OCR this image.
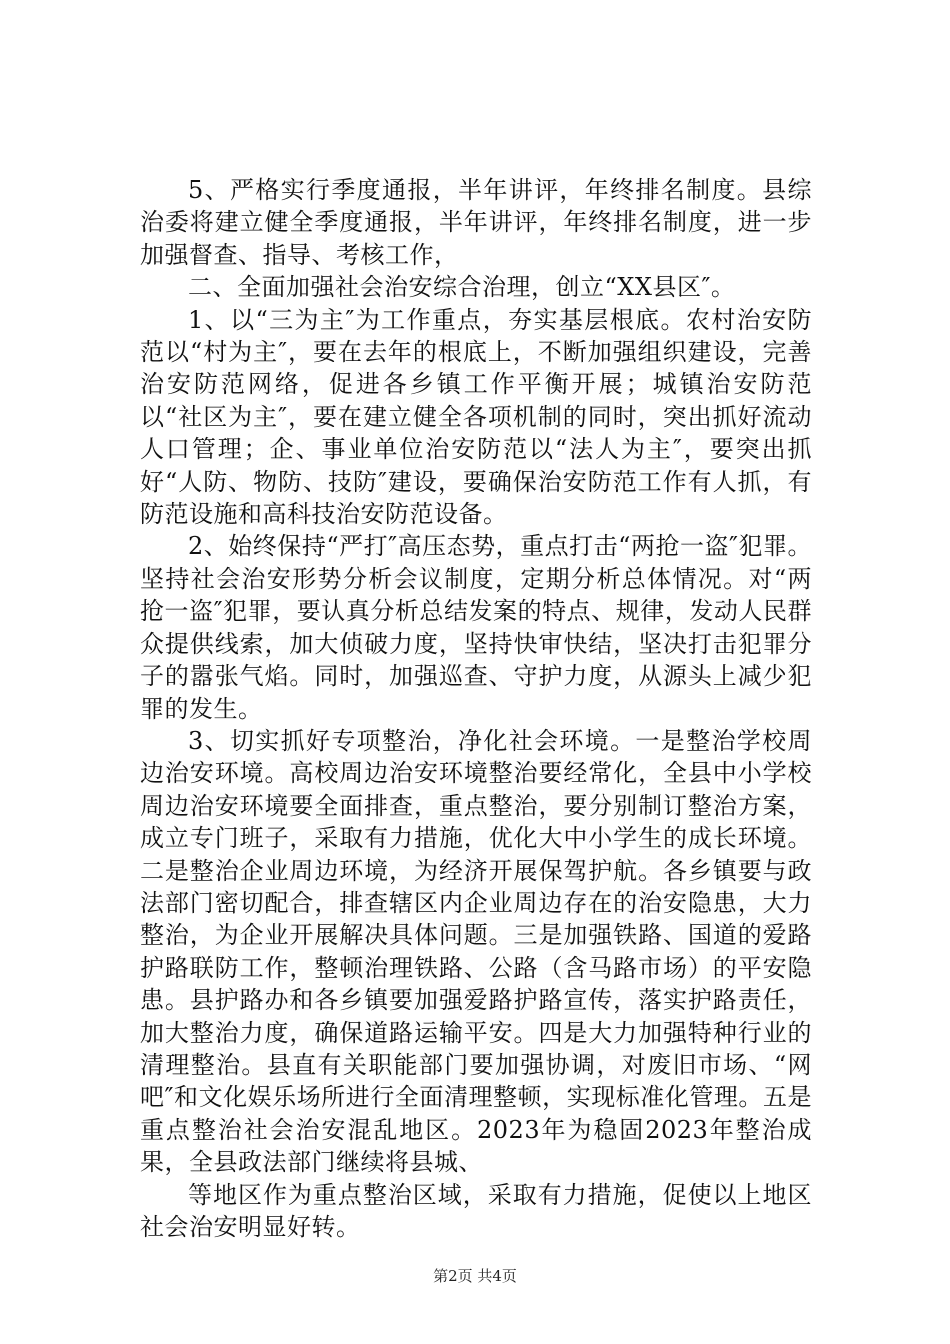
5、严格实行季度通报，半年讲评，年终排名制度。县综治委将建立健全季度通报，半年讲评，年终排名制度，进一步加强督查、指导、考核工作，

二、全面加强社会治安综合治理，创立“XX县区″。

1、以“三为主″为工作重点，夯实基层根底。农村治安防范以“村为主″，要在去年的根底上，不断加强组织建设，完善治安防范网络，促进各乡镇工作平衡开展；城镇治安防范以“社区为主″，要在建立健全各项机制的同时，突出抓好流动人口管理；企、事业单位治安防范以“法人为主″，要突出抓好“人防、物防、技防″建设，要确保治安防范工作有人抓，有防范设施和高科技治安防范设备。

2、始终保持“严打″高压态势，重点打击“两抢一盗″犯罪。坚持社会治安形势分析会议制度，定期分析总体情况。对“两抢一盗″犯罪，要认真分析总结发案的特点、规律，发动人民群众提供线索，加大侦破力度，坚持快审快结，坚决打击犯罪分子的嚣张气焰。同时，加强巡查、守护力度，从源头上减少犯罪的发生。

3、切实抓好专项整治，净化社会环境。一是整治学校周边治安环境。高校周边治安环境整治要经常化，全县中小学校周边治安环境要全面排查，重点整治，要分别制订整治方案，成立专门班子，采取有力措施，优化大中小学生的成长环境。二是整治企业周边环境，为经济开展保驾护航。各乡镇要与政法部门密切配合，排查辖区内企业周边存在的治安隐患，大力整治，为企业开展解决具体问题。三是加强铁路、国道的爱路护路联防工作，整顿治理铁路、公路（含马路市场）的平安隐患。县护路办和各乡镇要加强爱路护路宣传，落实护路责任，加大整治力度，确保道路运输平安。四是大力加强特种行业的清理整治。县直有关职能部门要加强协调，对废旧市场、“网吧″和文化娱乐场所进行全面清理整顿，实现标准化管理。五是重点整治社会治安混乱地区。2023年为稳固2023年整治成果，全县政法部门继续将县城、

等地区作为重点整治区域，采取有力措施，促使以上地区社会治安明显好转。

第2页 共4页
